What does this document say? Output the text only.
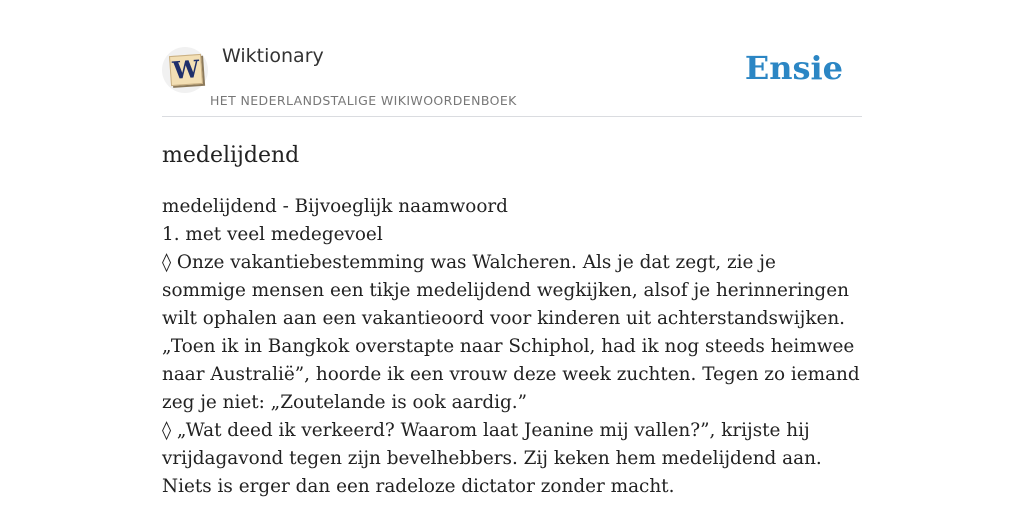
W Wiktionary
HET NEDERLANDSTALIGE WIKIWOORDENBOEK
Ensie
medelijdend

medelijdend - Bijvoeglijk naamwoord

1. met veel medegevoel

◊ Onze vakantiebestemming was Walcheren. Als je dat zegt, zie je sommige mensen een tikje medelijdend wegkijken, alsof je herinneringen wilt ophalen aan een vakantieoord voor kinderen uit achterstandswijken. „Toen ik in Bangkok overstapte naar Schiphol, had ik nog steeds heimwee naar Australië”, hoorde ik een vrouw deze week zuchten. Tegen zo iemand zeg je niet: „Zoutelande is ook aardig.”

◊ „Wat deed ik verkeerd? Waarom laat Jeanine mij vallen?”, krijste hij vrijdagavond tegen zijn bevelhebbers. Zij keken hem medelijdend aan. Niets is erger dan een radeloze dictator zonder macht.
